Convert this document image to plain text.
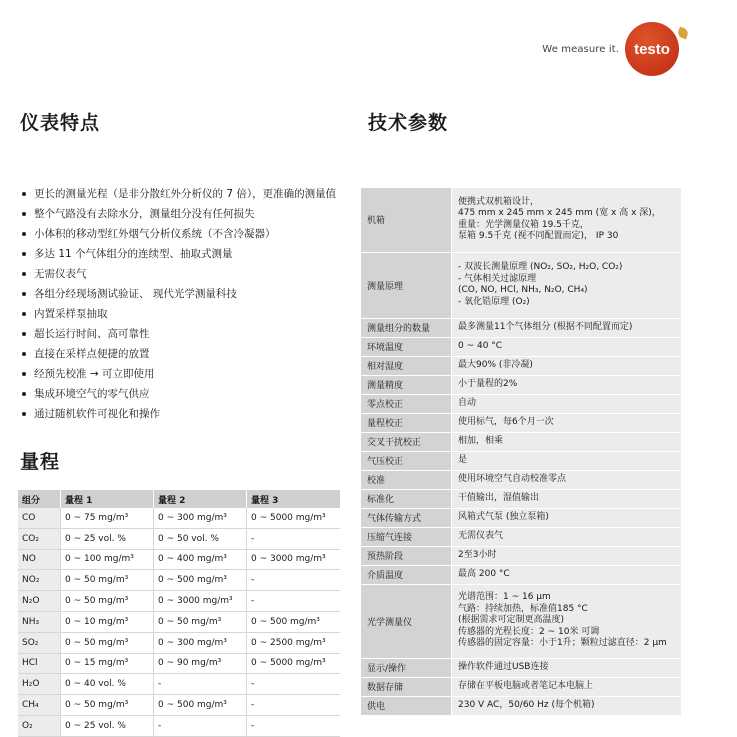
We measure it. testo
仪表特点	技术参数
量程
更长的测量光程（是非分散红外分析仪的 7 倍），更准确的测量值
整个气路没有去除水分，测量组分没有任何损失
小体积的移动型红外烟气分析仪系统（不含冷凝器）
多达 11 个气体组分的连续型、抽取式测量
无需仪表气
各组分经现场测试验证、 现代光学测量科技
内置采样泵抽取
超长运行时间、高可靠性
直接在采样点便捷的放置
经预先校准 → 可立即使用
集成环境空气的零气供应
通过随机软件可视化和操作
组分	量程 1	量程 2	量程 3
CO	0 ~ 75 mg/m³	0 ~ 300 mg/m³	0 ~ 5000 mg/m³
CO₂	0 ~ 25 vol. %	0 ~ 50 vol. %	-
NO	0 ~ 100 mg/m³	0 ~ 400 mg/m³	0 ~ 3000 mg/m³
NO₂	0 ~ 50 mg/m³	0 ~ 500 mg/m³	-
N₂O	0 ~ 50 mg/m³	0 ~ 3000 mg/m³	-
NH₃	0 ~ 10 mg/m³	0 ~ 50 mg/m³	0 ~ 500 mg/m³
SO₂	0 ~ 50 mg/m³	0 ~ 300 mg/m³	0 ~ 2500 mg/m³
HCl	0 ~ 15 mg/m³	0 ~ 90 mg/m³	0 ~ 5000 mg/m³
H₂O	0 ~ 40 vol. %	-	-
CH₄	0 ~ 50 mg/m³	0 ~ 500 mg/m³	-
O₂	0 ~ 25 vol. %	-	-
机箱	便携式双机箱设计，
475 mm x 245 mm x 245 mm (宽 x 高 x 深)，
重量：光学测量仪箱 19.5千克，
泵箱 9.5千克 (视不同配置而定)， IP 30

测量原理	- 双波长测量原理 (NO₂, SO₂, H₂O, CO₂)
- 气体相关过滤原理
(CO, NO, HCl, NH₃, N₂O, CH₄)
- 氧化锆原理 (O₂)

测量组分的数量	最多测量11个气体组分 (根据不同配置而定)

环境温度	0 ~ 40 °C

相对湿度	最大90% (非冷凝)

测量精度	小于量程的2%

零点校正	自动

量程校正	使用标气，每6个月一次

交叉干扰校正	相加，相乘

气压校正	是

校准	使用环境空气自动校准零点

标准化	干值输出，湿值输出

气体传输方式	风箱式气泵 (独立泵箱)

压缩气连接	无需仪表气

预热阶段	2至3小时

介质温度	最高 200 °C

光学测量仪	光谱范围：1 ~ 16 μm
气路：持续加热，标准值185 °C
(根据需求可定制更高温度)
传感器的光程长度：2 ~ 10米 可调
传感器的固定容量：小于1升；颗粒过滤直径：2 μm

显示/操作	操作软件通过USB连接

数据存储	存储在平板电脑或者笔记本电脑上

供电	230 V AC，50/60 Hz (每个机箱)
